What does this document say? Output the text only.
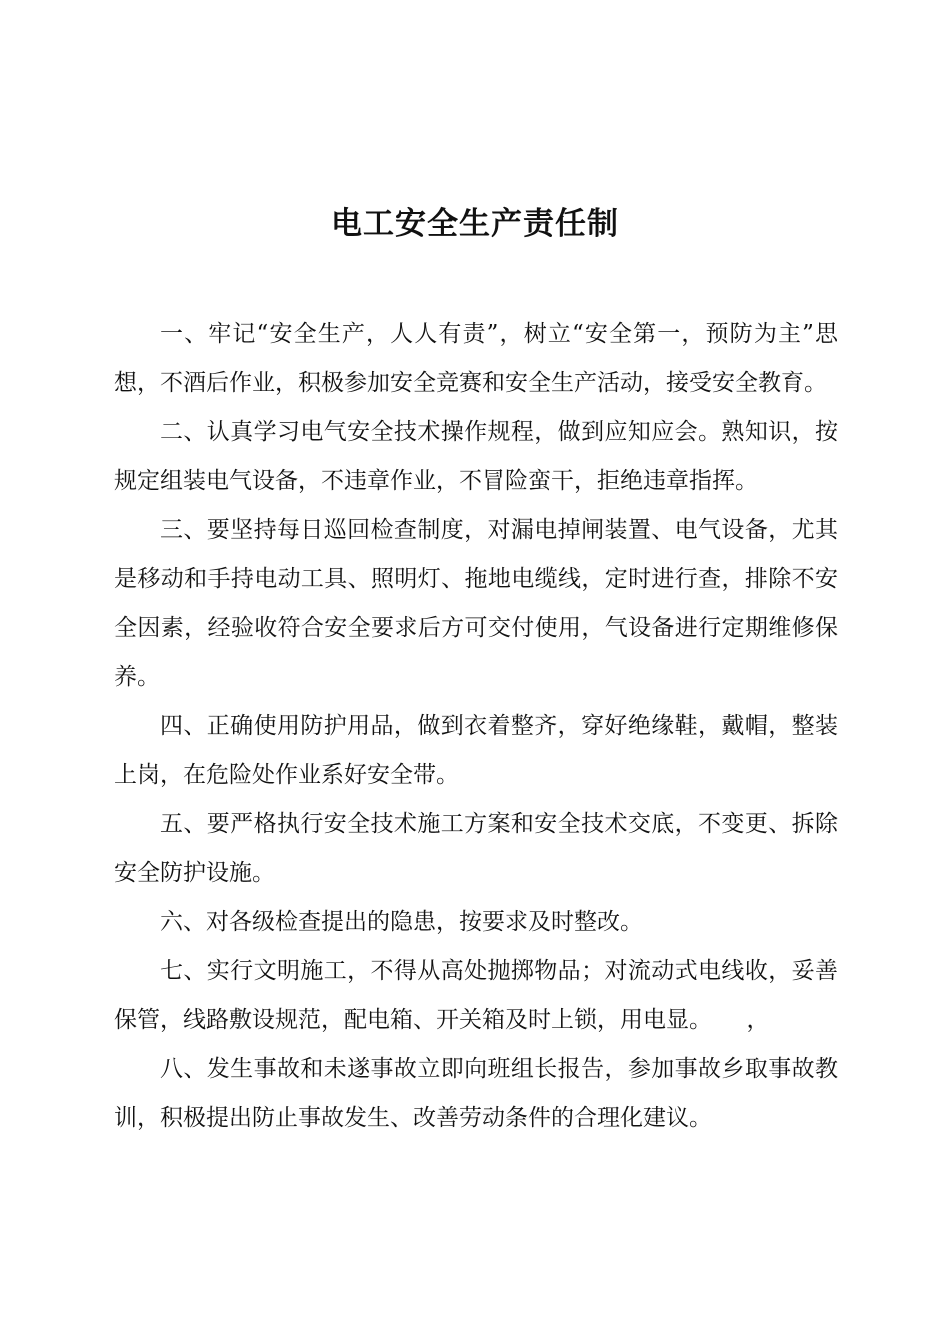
电工安全生产责任制

一、牢记“安全生产，人人有责”，树立“安全第一，预防为主”思想，不酒后作业，积极参加安全竞赛和安全生产活动，接受安全教育。

二、认真学习电气安全技术操作规程，做到应知应会。熟知识，按规定组装电气设备，不违章作业，不冒险蛮干，拒绝违章指挥。

三、要坚持每日巡回检查制度，对漏电掉闸装置、电气设备，尤其是移动和手持电动工具、照明灯、拖地电缆线，定时进行查，排除不安全因素，经验收符合安全要求后方可交付使用，气设备进行定期维修保养。

四、正确使用防护用品，做到衣着整齐，穿好绝缘鞋，戴帽，整装上岗，在危险处作业系好安全带。

五、要严格执行安全技术施工方案和安全技术交底，不变更、拆除安全防护设施。

六、对各级检查提出的隐患，按要求及时整改。

七、实行文明施工，不得从高处抛掷物品；对流动式电线收，妥善保管，线路敷设规范，配电箱、开关箱及时上锁，用电显。　　，

八、发生事故和未遂事故立即向班组长报告，参加事故乡取事故教训，积极提出防止事故发生、改善劳动条件的合理化建议。
